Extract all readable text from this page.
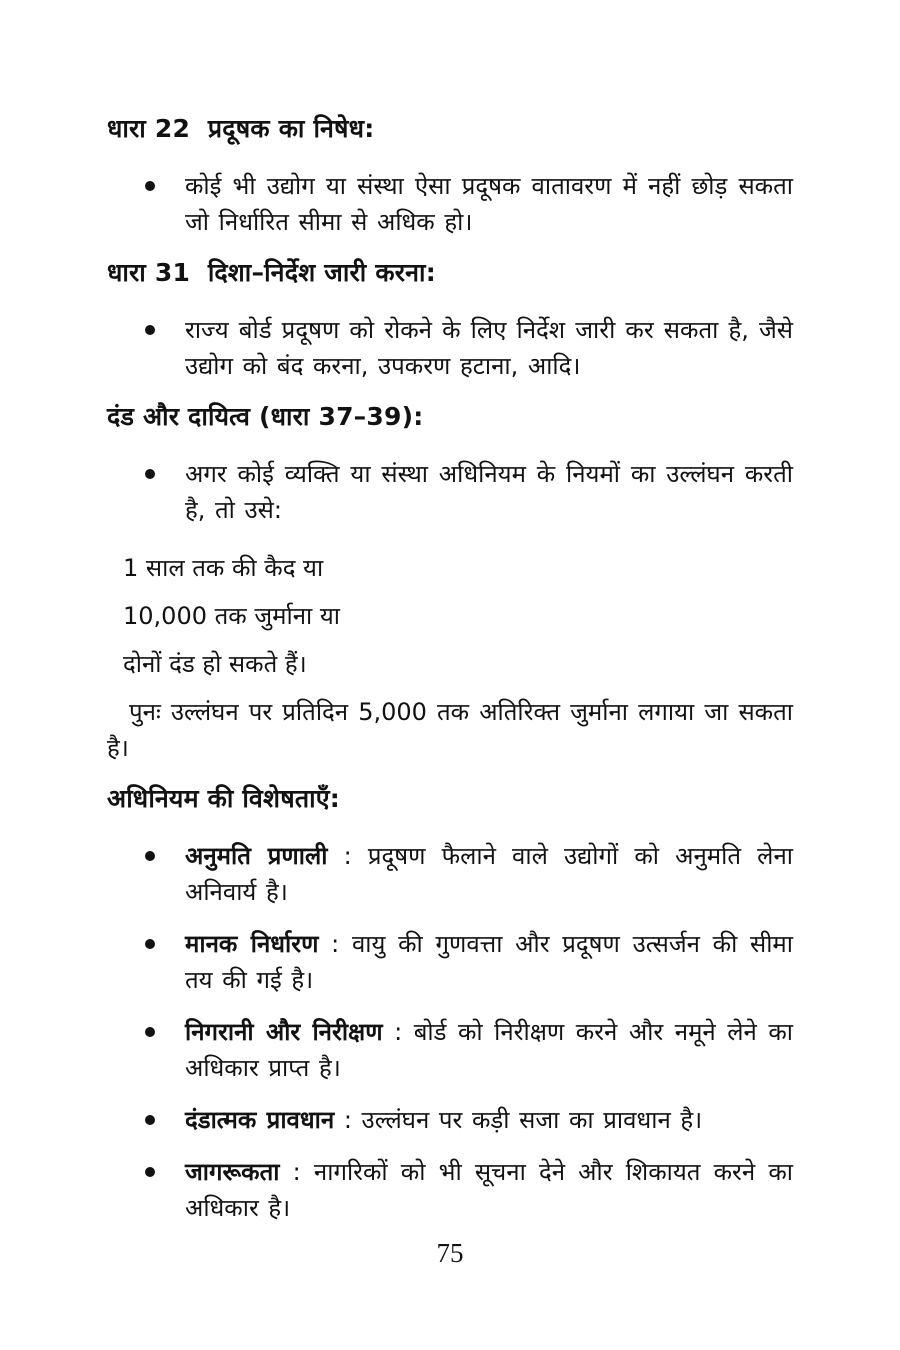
धारा 22  प्रदूषक का निषेध:

कोई भी उद्योग या संस्था ऐसा प्रदूषक वातावरण में नहीं छोड़ सकता जो निर्धारित सीमा से अधिक हो।

धारा 31  दिशा–निर्देश जारी करना:

राज्य बोर्ड प्रदूषण को रोकने के लिए निर्देश जारी कर सकता है, जैसे उद्योग को बंद करना, उपकरण हटाना, आदि।

दंड और दायित्व (धारा 37–39):

अगर कोई व्यक्ति या संस्था अधिनियम के नियमों का उल्लंघन करती है, तो उसे:

1 साल तक की कैद या

10,000 तक जुर्माना या

दोनों दंड हो सकते हैं।

पुनः उल्लंघन पर प्रतिदिन 5,000 तक अतिरिक्त जुर्माना लगाया जा सकता है।

अधिनियम की विशेषताएँ:

अनुमति प्रणाली : प्रदूषण फैलाने वाले उद्योगों को अनुमति लेना अनिवार्य है।

मानक निर्धारण : वायु की गुणवत्ता और प्रदूषण उत्सर्जन की सीमा तय की गई है।

निगरानी और निरीक्षण : बोर्ड को निरीक्षण करने और नमूने लेने का अधिकार प्राप्त है।

दंडात्मक प्रावधान : उल्लंघन पर कड़ी सजा का प्रावधान है।

जागरूकता : नागरिकों को भी सूचना देने और शिकायत करने का अधिकार है।

75
